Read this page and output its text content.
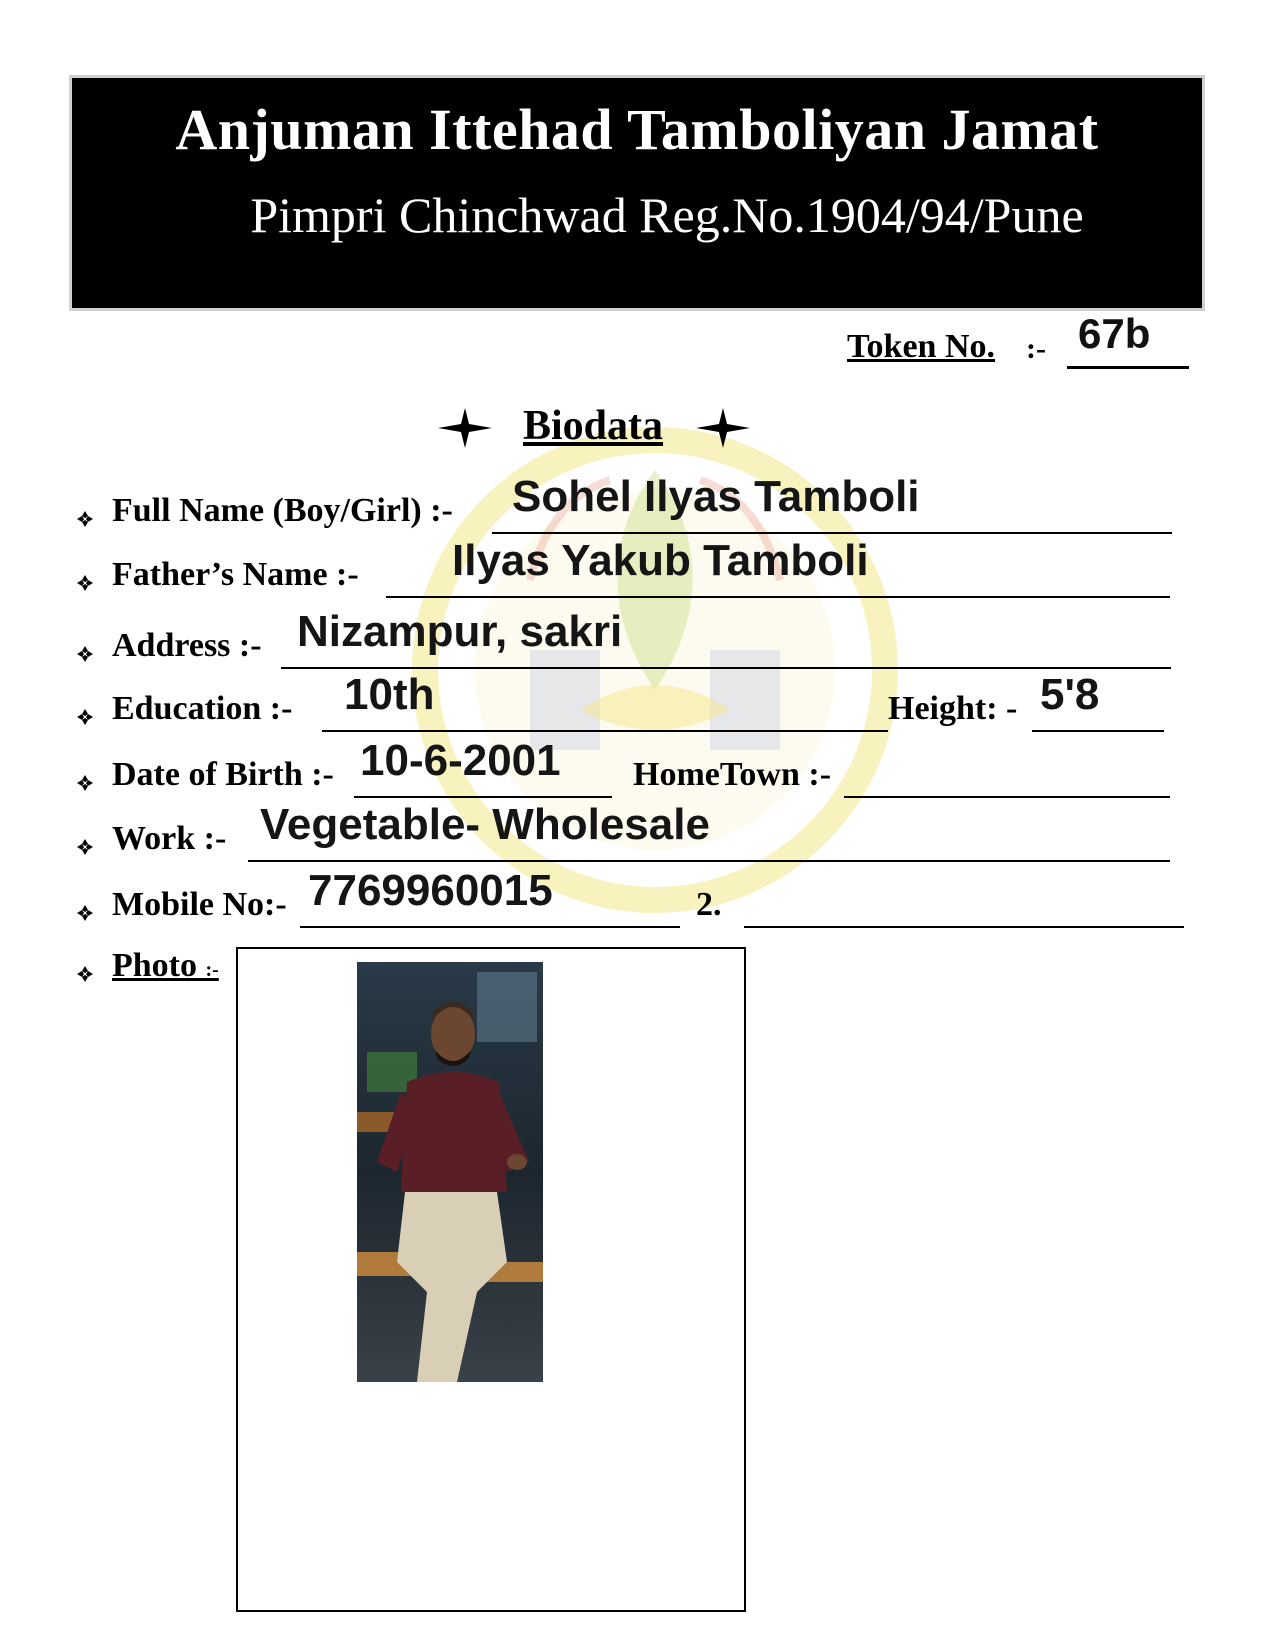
Anjuman Ittehad Tamboliyan Jamat
Pimpri Chinchwad Reg.No.1904/94/Pune
Token No. :- 67b
Biodata
Full Name (Boy/Girl) :- Sohel Ilyas Tamboli
Father’s Name :- Ilyas Yakub Tamboli
Address :- Nizampur, sakri
Education :- 10th	Height: - 5'8
Date of Birth :- 10-6-2001 HomeTown :-
Work :- Vegetable- Wholesale
Mobile No:- 7769960015	2.
Photo :-
